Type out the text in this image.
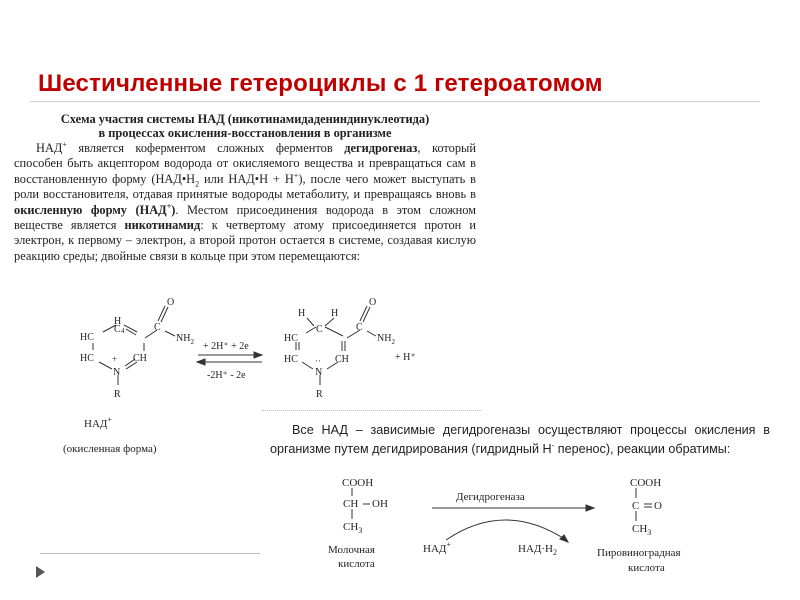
Шестичленные гетероциклы с 1 гетероатомом
Схема участия системы НАД (никотинамидадениндинуклеотида)
в процессах окисления-восстановления в организме

НАД+ является коферментом сложных ферментов дегидрогеназ, который способен быть акцептором водорода от окисляемого вещества и превращаться сам в восстановленную форму ($НАД•Н_2$ или НАД•Н + Н+), после чего может выступать в роли восстановителя, отдавая принятые водороды метаболиту, и превращаясь вновь в окисленную форму (НАД+). Местом присоединения водорода в этом сложном веществе является никотинамид: к четвертому атому присоединяется протон и электрон, к первому – электрон, а второй протон остается в системе, создавая кислую реакцию среды; двойные связи в кольце при этом перемещаются:

H
C 4
HC
C
O
$NH_2$
HC + CH
N
R
+ 2H⁺ + 2e
-2H⁺ - 2e
H	H
C
HC
C
O
$NH_2$
HC	CH
··
N
R
+ H⁺
НАД+
(окисленная форма)
COOH
CH OH
$CH_3$
Молочная
кислота
Дегидрогеназа
НАД+	$НАД\cdot Н_2$
COOH
C O
$CH_3$
Пировиноградная
кислота

Все НАД – зависимые дегидрогеназы осуществляют процессы окисления в организме путем дегидрирования (гидридный Н- перенос), реакции обратимы:
